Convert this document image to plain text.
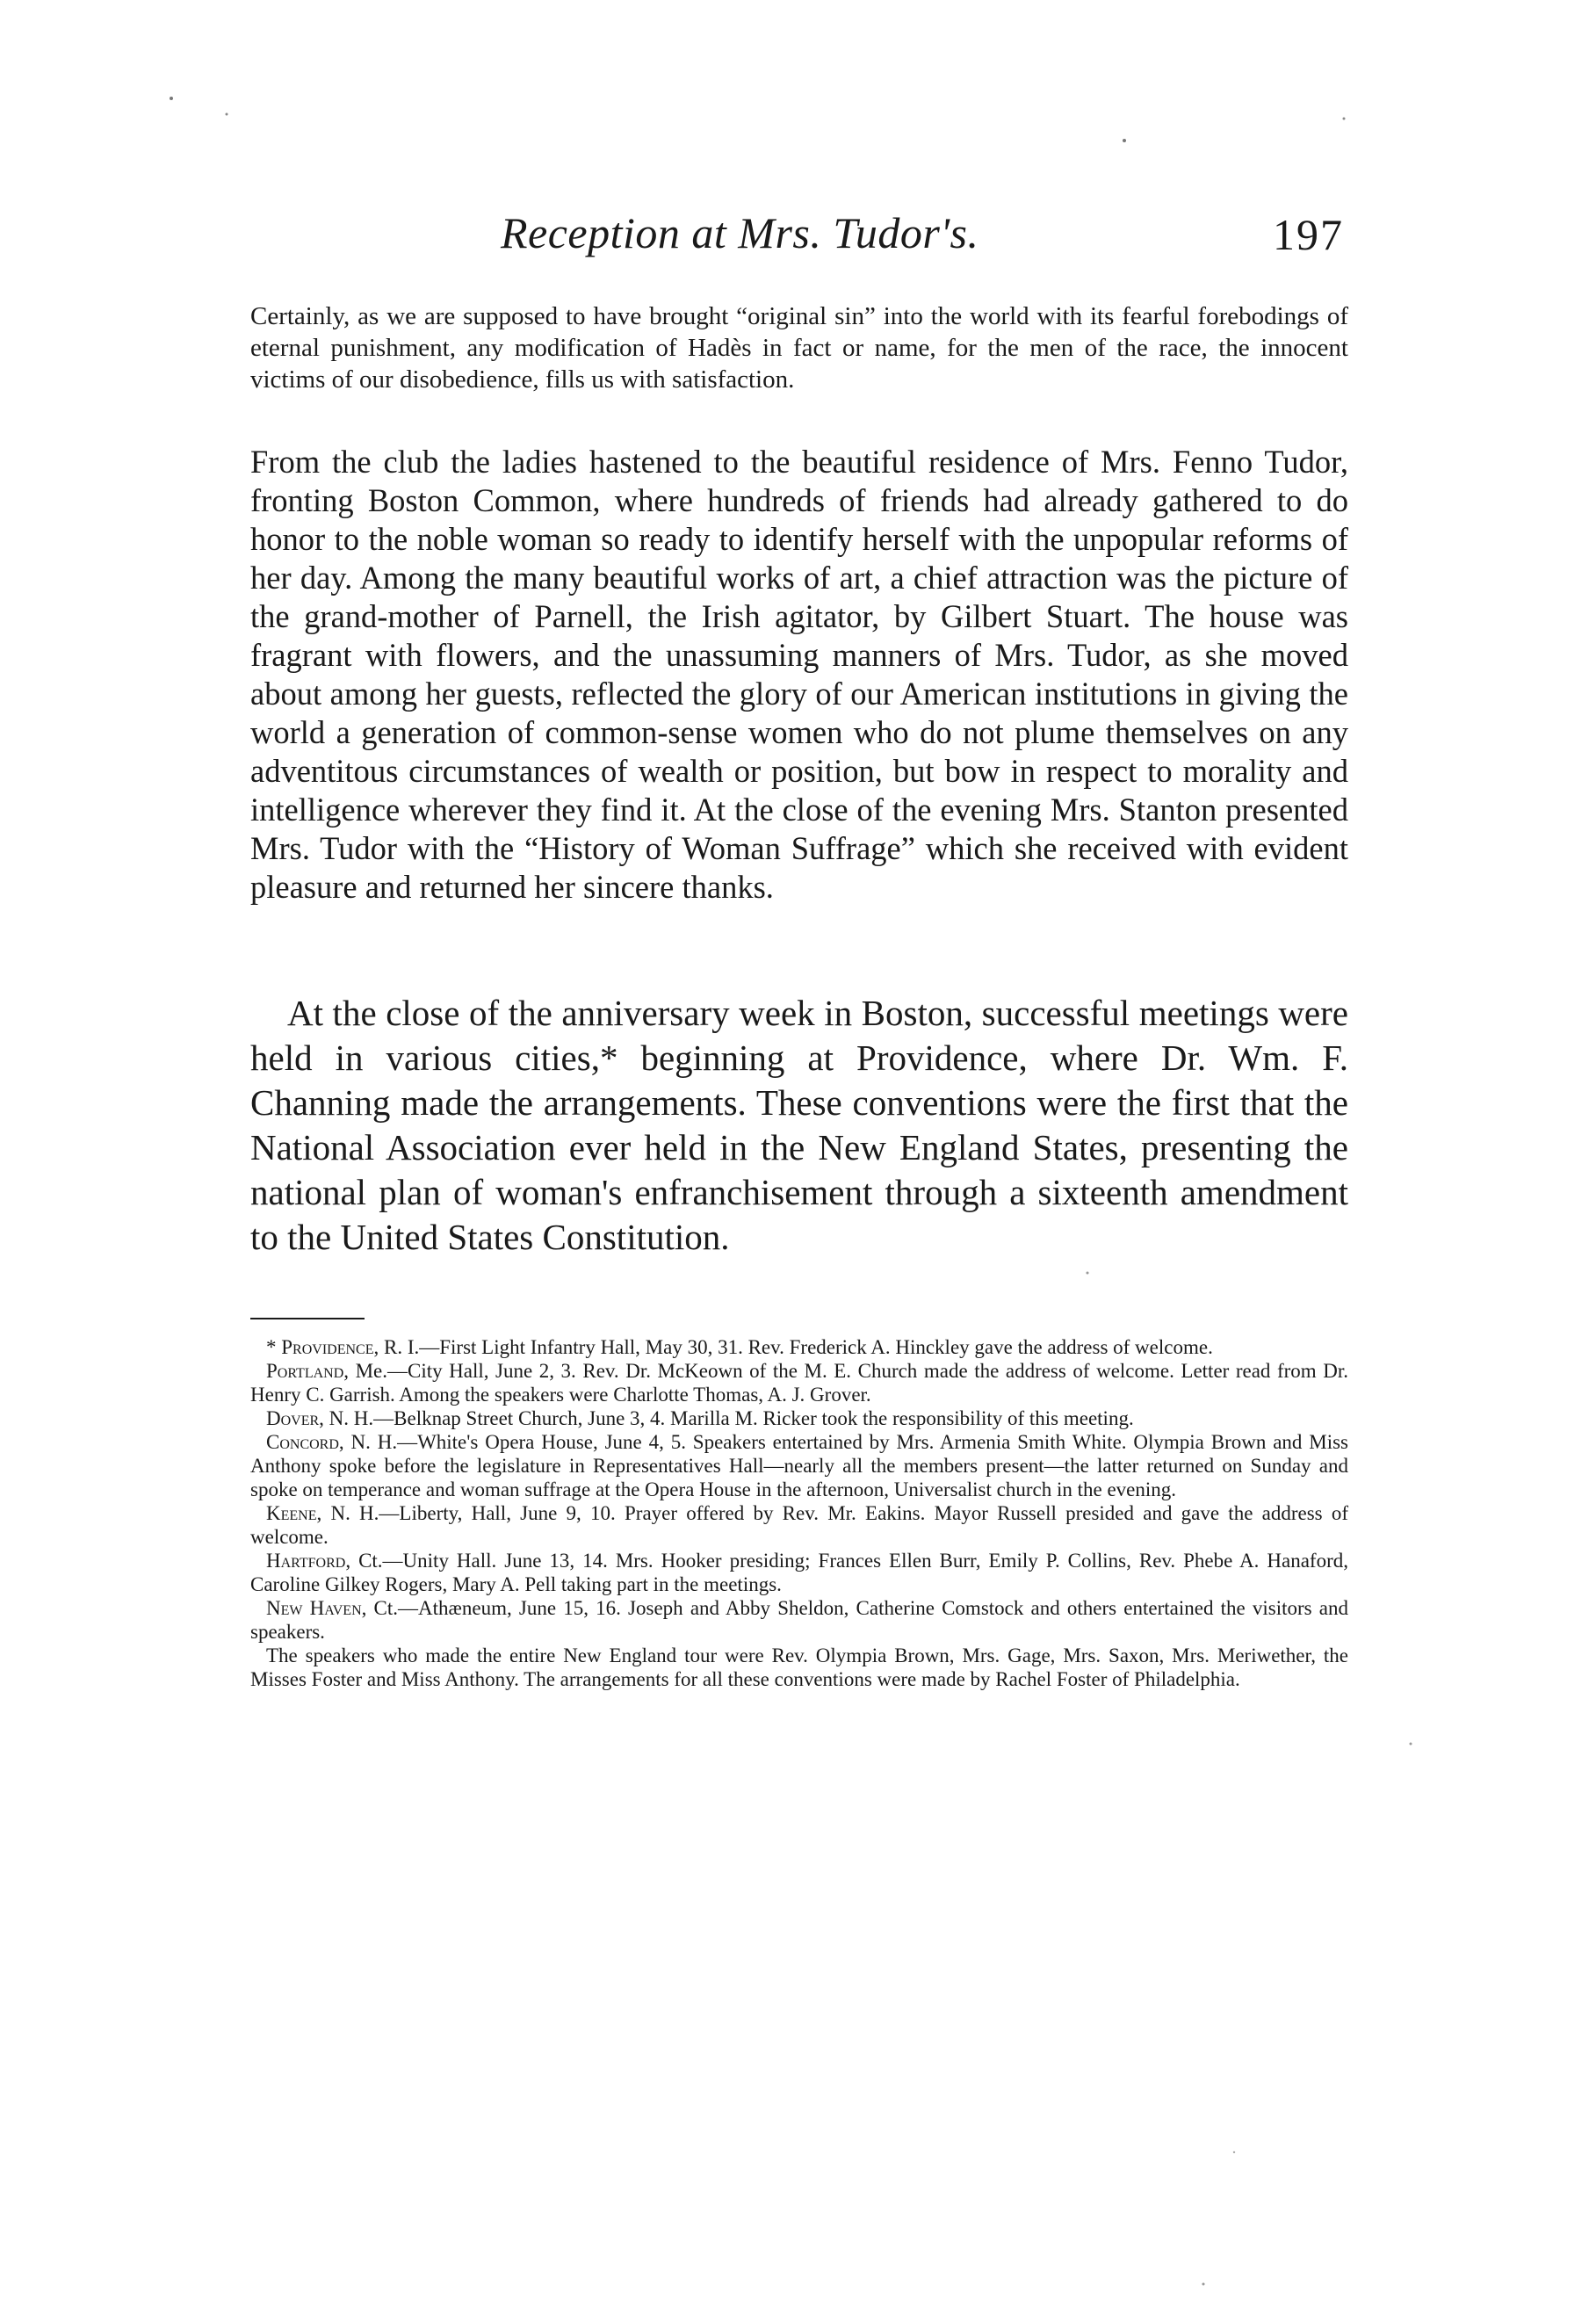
Reception at Mrs. Tudor's.	197

Certainly, as we are supposed to have brought “original sin” into the world with its fearful forebodings of eternal punishment, any modification of Hadès in fact or name, for the men of the race, the innocent victims of our disobedience, fills us with satisfaction.

From the club the ladies hastened to the beautiful residence of Mrs. Fenno Tudor, fronting Boston Common, where hundreds of friends had already gathered to do honor to the noble woman so ready to identify herself with the unpopular reforms of her day. Among the many beautiful works of art, a chief attraction was the picture of the grand-mother of Parnell, the Irish agitator, by Gilbert Stuart. The house was fragrant with flowers, and the unassuming manners of Mrs. Tudor, as she moved about among her guests, reflected the glory of our American institutions in giving the world a generation of common-sense women who do not plume themselves on any adventitous circumstances of wealth or position, but bow in respect to morality and intelligence wherever they find it. At the close of the evening Mrs. Stanton presented Mrs. Tudor with the “History of Woman Suffrage” which she received with evident pleasure and returned her sincere thanks.

At the close of the anniversary week in Boston, successful meetings were held in various cities,* beginning at Providence, where Dr. Wm. F. Channing made the arrangements. These conventions were the first that the National Association ever held in the New England States, presenting the national plan of woman's enfranchisement through a sixteenth amendment to the United States Constitution.

* Providence, R. I.—First Light Infantry Hall, May 30, 31. Rev. Frederick A. Hinckley gave the address of welcome.

Portland, Me.—City Hall, June 2, 3. Rev. Dr. McKeown of the M. E. Church made the address of welcome. Letter read from Dr. Henry C. Garrish. Among the speakers were Charlotte Thomas, A. J. Grover.

Dover, N. H.—Belknap Street Church, June 3, 4. Marilla M. Ricker took the responsibility of this meeting.

Concord, N. H.—White's Opera House, June 4, 5. Speakers entertained by Mrs. Armenia Smith White. Olympia Brown and Miss Anthony spoke before the legislature in Representatives Hall—nearly all the members present—the latter returned on Sunday and spoke on temperance and woman suffrage at the Opera House in the afternoon, Universalist church in the evening.

Keene, N. H.—Liberty, Hall, June 9, 10. Prayer offered by Rev. Mr. Eakins. Mayor Russell presided and gave the address of welcome.

Hartford, Ct.—Unity Hall. June 13, 14. Mrs. Hooker presiding; Frances Ellen Burr, Emily P. Collins, Rev. Phebe A. Hanaford, Caroline Gilkey Rogers, Mary A. Pell taking part in the meetings.

New Haven, Ct.—Athæneum, June 15, 16. Joseph and Abby Sheldon, Catherine Comstock and others entertained the visitors and speakers.

The speakers who made the entire New England tour were Rev. Olympia Brown, Mrs. Gage, Mrs. Saxon, Mrs. Meriwether, the Misses Foster and Miss Anthony. The arrangements for all these conventions were made by Rachel Foster of Philadelphia.
